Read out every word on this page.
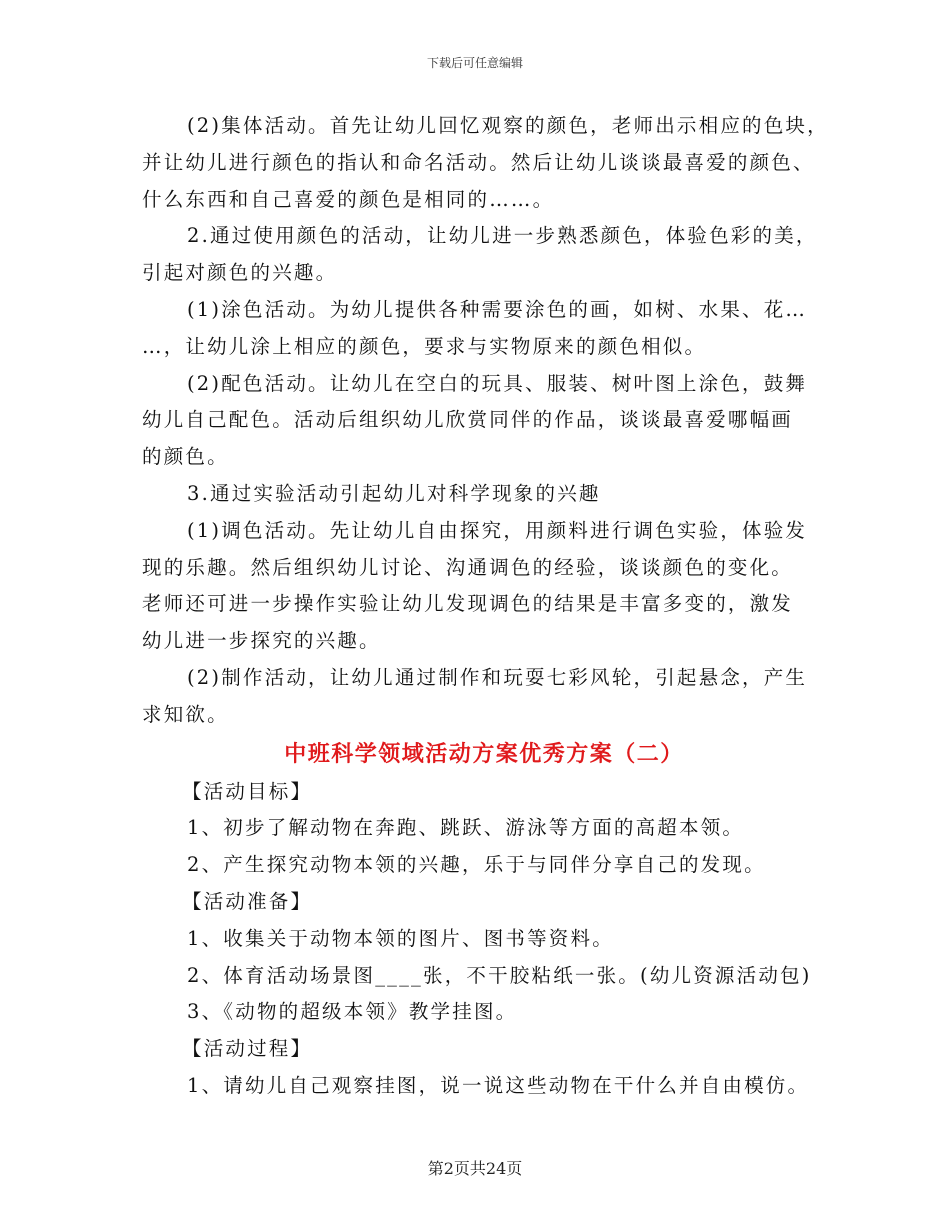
下载后可任意编辑

(2)集体活动。首先让幼儿回忆观察的颜色，老师出示相应的色块，

并让幼儿进行颜色的指认和命名活动。然后让幼儿谈谈最喜爱的颜色、

什么东西和自己喜爱的颜色是相同的……。

2.通过使用颜色的活动，让幼儿进一步熟悉颜色，体验色彩的美，

引起对颜色的兴趣。

(1)涂色活动。为幼儿提供各种需要涂色的画，如树、水果、花…

…，让幼儿涂上相应的颜色，要求与实物原来的颜色相似。

(2)配色活动。让幼儿在空白的玩具、服装、树叶图上涂色，鼓舞

幼儿自己配色。活动后组织幼儿欣赏同伴的作品，谈谈最喜爱哪幅画

的颜色。

3.通过实验活动引起幼儿对科学现象的兴趣

(1)调色活动。先让幼儿自由探究，用颜料进行调色实验，体验发

现的乐趣。然后组织幼儿讨论、沟通调色的经验，谈谈颜色的变化。

老师还可进一步操作实验让幼儿发现调色的结果是丰富多变的，激发

幼儿进一步探究的兴趣。

(2)制作活动，让幼儿通过制作和玩耍七彩风轮，引起悬念，产生

求知欲。

中班科学领域活动方案优秀方案（二）

【活动目标】

1、初步了解动物在奔跑、跳跃、游泳等方面的高超本领。

2、产生探究动物本领的兴趣，乐于与同伴分享自己的发现。

【活动准备】

1、收集关于动物本领的图片、图书等资料。

2、体育活动场景图____张，不干胶粘纸一张。(幼儿资源活动包)

3、《动物的超级本领》教学挂图。

【活动过程】

1、请幼儿自己观察挂图，说一说这些动物在干什么并自由模仿。

第2页共24页
